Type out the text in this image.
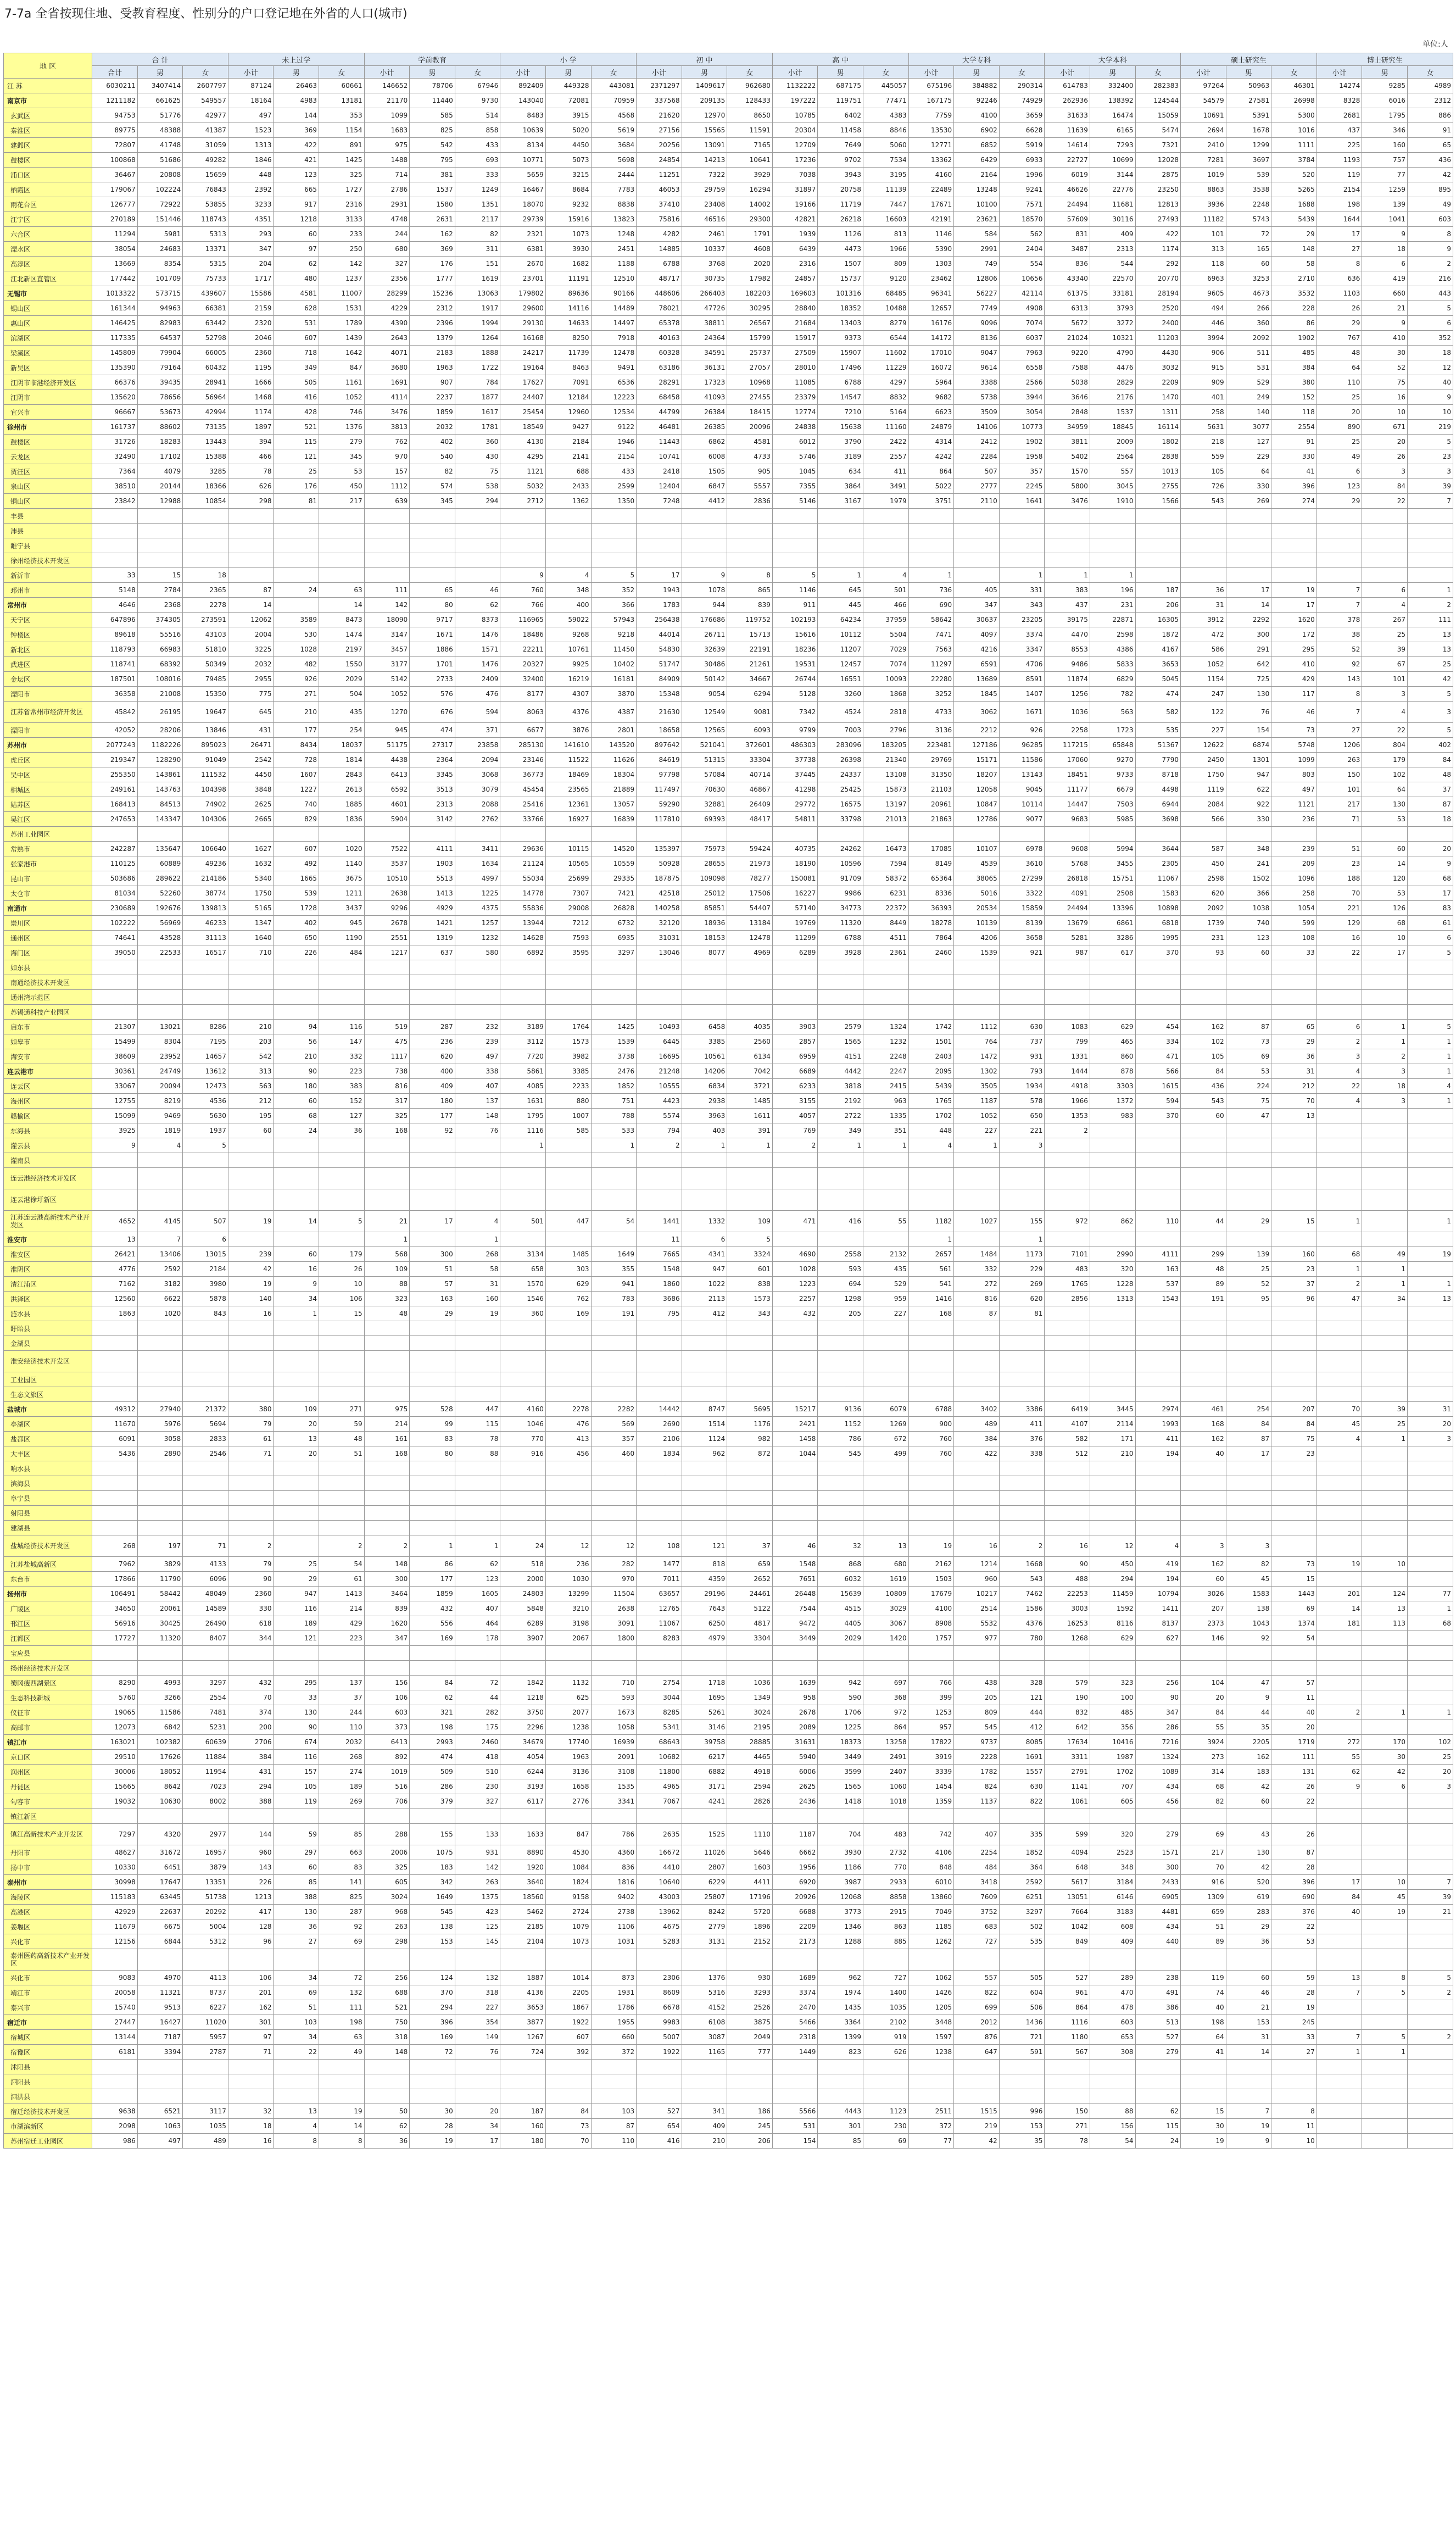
7-7a 全省按现住地、受教育程度、性别分的户口登记地在外省的人口(城市)
单位:人
地 区	合 计			未上过学			学前教育			小 学			初 中			高 中			大学专科			大学本科			硕士研究生			博士研究生		
	合计	男	女	小计	男	女	小计	男	女	小计	男	女	小计	男	女	小计	男	女	小计	男	女	小计	男	女	小计	男	女	小计	男	女
江 苏	6030211	3407414	2607797	87124	26463	60661	146652	78706	67946	892409	449328	443081	2371297	1409617	962680	1132222	687175	445057	675196	384882	290314	614783	332400	282383	97264	50963	46301	14274	9285	4989
南京市	1211182	661625	549557	18164	4983	13181	21170	11440	9730	143040	72081	70959	337568	209135	128433	197222	119751	77471	167175	92246	74929	262936	138392	124544	54579	27581	26998	8328	6016	2312
玄武区	94753	51776	42977	497	144	353	1099	585	514	8483	3915	4568	21620	12970	8650	10785	6402	4383	7759	4100	3659	31633	16474	15059	10691	5391	5300	2681	1795	886
秦淮区	89775	48388	41387	1523	369	1154	1683	825	858	10639	5020	5619	27156	15565	11591	20304	11458	8846	13530	6902	6628	11639	6165	5474	2694	1678	1016	437	346	91
建邺区	72807	41748	31059	1313	422	891	975	542	433	8134	4450	3684	20256	13091	7165	12709	7649	5060	12771	6852	5919	14614	7293	7321	2410	1299	1111	225	160	65
鼓楼区	100868	51686	49282	1846	421	1425	1488	795	693	10771	5073	5698	24854	14213	10641	17236	9702	7534	13362	6429	6933	22727	10699	12028	7281	3697	3784	1193	757	436
浦口区	36467	20808	15659	448	123	325	714	381	333	5659	3215	2444	11251	7322	3929	7038	3943	3195	4160	2164	1996	6019	3144	2875	1019	539	520	119	77	42
栖霞区	179067	102224	76843	2392	665	1727	2786	1537	1249	16467	8684	7783	46053	29759	16294	31897	20758	11139	22489	13248	9241	46626	22776	23250	8863	3538	5265	2154	1259	895
雨花台区	126777	72922	53855	3233	917	2316	2931	1580	1351	18070	9232	8838	37410	23408	14002	19166	11719	7447	17671	10100	7571	24494	11681	12813	3936	2248	1688	198	139	49
江宁区	270189	151446	118743	4351	1218	3133	4748	2631	2117	29739	15916	13823	75816	46516	29300	42821	26218	16603	42191	23621	18570	57609	30116	27493	11182	5743	5439	1644	1041	603
六合区	11294	5981	5313	293	60	233	244	162	82	2321	1073	1248	4282	2461	1791	1939	1126	813	1146	584	562	831	409	422	101	72	29	17	9	8
溧水区	38054	24683	13371	347	97	250	680	369	311	6381	3930	2451	14885	10337	4608	6439	4473	1966	5390	2991	2404	3487	2313	1174	313	165	148	27	18	9
高淳区	13669	8354	5315	204	62	142	327	176	151	2670	1682	1188	6788	3768	2020	2316	1507	809	1303	749	554	836	544	292	118	60	58	8	6	2
江北新区直管区	177442	101709	75733	1717	480	1237	2356	1777	1619	23701	11191	12510	48717	30735	17982	24857	15737	9120	23462	12806	10656	43340	22570	20770	6963	3253	2710	636	419	216
无锡市	1013322	573715	439607	15586	4581	11007	28299	15236	13063	179802	89636	90166	448606	266403	182203	169603	101316	68485	96341	56227	42114	61375	33181	28194	9605	4673	3532	1103	660	443
锡山区	161344	94963	66381	2159	628	1531	4229	2312	1917	29600	14116	14489	78021	47726	30295	28840	18352	10488	12657	7749	4908	6313	3793	2520	494	266	228	26	21	5
惠山区	146425	82983	63442	2320	531	1789	4390	2396	1994	29130	14633	14497	65378	38811	26567	21684	13403	8279	16176	9096	7074	5672	3272	2400	446	360	86	29	9	6
滨湖区	117335	64537	52798	2046	607	1439	2643	1379	1264	16168	8250	7918	40163	24364	15799	15917	9373	6544	14172	8136	6037	21024	10321	11203	3994	2092	1902	767	410	352
梁溪区	145809	79904	66005	2360	718	1642	4071	2183	1888	24217	11739	12478	60328	34591	25737	27509	15907	11602	17010	9047	7963	9220	4790	4430	906	511	485	48	30	18
新吴区	135390	79164	60432	1195	349	847	3680	1963	1722	19164	8463	9491	63186	36131	27057	28010	17496	11229	16072	9614	6558	7588	4476	3032	915	531	384	64	52	12
江阴市临港经济开发区	66376	39435	28941	1666	505	1161	1691	907	784	17627	7091	6536	28291	17323	10968	11085	6788	4297	5964	3388	2566	5038	2829	2209	909	529	380	110	75	40
江阴市	135620	78656	56964	1468	416	1052	4114	2237	1877	24407	12184	12223	68458	41093	27455	23379	14547	8832	9682	5738	3944	3646	2176	1470	401	249	152	25	16	9
宜兴市	96667	53673	42994	1174	428	746	3476	1859	1617	25454	12960	12534	44799	26384	18415	12774	7210	5164	6623	3509	3054	2848	1537	1311	258	140	118	20	10	10
徐州市	161737	88602	73135	1897	521	1376	3813	2032	1781	18549	9427	9122	46481	26385	20096	24838	15638	11160	24879	14106	10773	34959	18845	16114	5631	3077	2554	890	671	219
鼓楼区	31726	18283	13443	394	115	279	762	402	360	4130	2184	1946	11443	6862	4581	6012	3790	2422	4314	2412	1902	3811	2009	1802	218	127	91	25	20	5
云龙区	32490	17102	15388	466	121	345	970	540	430	4295	2141	2154	10741	6008	4733	5746	3189	2557	4242	2284	1958	5402	2564	2838	559	229	330	49	26	23
贾汪区	7364	4079	3285	78	25	53	157	82	75	1121	688	433	2418	1505	905	1045	634	411	864	507	357	1570	557	1013	105	64	41	6	3	3
泉山区	38510	20144	18366	626	176	450	1112	574	538	5032	2433	2599	12404	6847	5557	7355	3864	3491	5022	2777	2245	5800	3045	2755	726	330	396	123	84	39
铜山区	23842	12988	10854	298	81	217	639	345	294	2712	1362	1350	7248	4412	2836	5146	3167	1979	3751	2110	1641	3476	1910	1566	543	269	274	29	22	7
丰县																														
沛县																														
睢宁县																														
徐州经济技术开发区																														
新沂市	33	15	18							9	4	5	17	9	8	5	1	4	1		1	1	1							
邳州市	5148	2784	2365	87	24	63	111	65	46	760	348	352	1943	1078	865	1146	645	501	736	405	331	383	196	187	36	17	19	7	6	1
常州市	4646	2368	2278	14		14	142	80	62	766	400	366	1783	944	839	911	445	466	690	347	343	437	231	206	31	14	17	7	4	2
天宁区	647896	374305	273591	12062	3589	8473	18090	9717	8373	116965	59022	57943	256438	176686	119752	102193	64234	37959	58642	30637	23205	39175	22871	16305	3912	2292	1620	378	267	111
钟楼区	89618	55516	43103	2004	530	1474	3147	1671	1476	18486	9268	9218	44014	26711	15713	15616	10112	5504	7471	4097	3374	4470	2598	1872	472	300	172	38	25	13
新北区	118793	66983	51810	3225	1028	2197	3457	1886	1571	22211	10761	11450	54830	32639	22191	18236	11207	7029	7563	4216	3347	8553	4386	4167	586	291	295	52	39	13
武进区	118741	68392	50349	2032	482	1550	3177	1701	1476	20327	9925	10402	51747	30486	21261	19531	12457	7074	11297	6591	4706	9486	5833	3653	1052	642	410	92	67	25
金坛区	187501	108016	79485	2955	926	2029	5142	2733	2409	32400	16219	16181	84909	50142	34667	26744	16551	10093	22280	13689	8591	11874	6829	5045	1154	725	429	143	101	42
溧阳市	36358	21008	15350	775	271	504	1052	576	476	8177	4307	3870	15348	9054	6294	5128	3260	1868	3252	1845	1407	1256	782	474	247	130	117	8	3	5
江苏省常州市经济开发区	45842	26195	19647	645	210	435	1270	676	594	8063	4376	4387	21630	12549	9081	7342	4524	2818	4733	3062	1671	1036	563	582	122	76	46	7	4	3
溧阳市	42052	28206	13846	431	177	254	945	474	371	6677	3876	2801	18658	12565	6093	9799	7003	2796	3136	2212	926	2258	1723	535	227	154	73	27	22	5
苏州市	2077243	1182226	895023	26471	8434	18037	51175	27317	23858	285130	141610	143520	897642	521041	372601	486303	283096	183205	223481	127186	96285	117215	65848	51367	12622	6874	5748	1206	804	402
虎丘区	219347	128290	91049	2542	728	1814	4438	2364	2094	23146	11522	11626	84619	51315	33304	37738	26398	21340	29769	15171	11586	17060	9270	7790	2450	1301	1099	263	179	84
吴中区	255350	143861	111532	4450	1607	2843	6413	3345	3068	36773	18469	18304	97798	57084	40714	37445	24337	13108	31350	18207	13143	18451	9733	8718	1750	947	803	150	102	48
相城区	249161	143763	104398	3848	1227	2613	6592	3513	3079	45454	23565	21889	117497	70630	46867	41298	25425	15873	21103	12058	9045	11177	6679	4498	1119	622	497	101	64	37
姑苏区	168413	84513	74902	2625	740	1885	4601	2313	2088	25416	12361	13057	59290	32881	26409	29772	16575	13197	20961	10847	10114	14447	7503	6944	2084	922	1121	217	130	87
吴江区	247653	143347	104306	2665	829	1836	5904	3142	2762	33766	16927	16839	117810	69393	48417	54811	33798	21013	21863	12786	9077	9683	5985	3698	566	330	236	71	53	18
苏州工业园区																														
常熟市	242287	135647	106640	1627	607	1020	7522	4111	3411	29636	10115	14520	135397	75973	59424	40735	24262	16473	17085	10107	6978	9608	5994	3644	587	348	239	51	60	20
张家港市	110125	60889	49236	1632	492	1140	3537	1903	1634	21124	10565	10559	50928	28655	21973	18190	10596	7594	8149	4539	3610	5768	3455	2305	450	241	209	23	14	9
昆山市	503686	289622	214186	5340	1665	3675	10510	5513	4997	55034	25699	29335	187875	109098	78277	150081	91709	58372	65364	38065	27299	26818	15751	11067	2598	1502	1096	188	120	68
太仓市	81034	52260	38774	1750	539	1211	2638	1413	1225	14778	7307	7421	42518	25012	17506	16227	9986	6231	8336	5016	3322	4091	2508	1583	620	366	258	70	53	17
南通市	230689	192676	139813	5165	1728	3437	9296	4929	4375	55836	29008	26828	140258	85851	54407	57140	34773	22372	36393	20534	15859	24494	13396	10898	2092	1038	1054	221	126	83
崇川区	102222	56969	46233	1347	402	945	2678	1421	1257	13944	7212	6732	32120	18936	13184	19769	11320	8449	18278	10139	8139	13679	6861	6818	1739	740	599	129	68	61
通州区	74641	43528	31113	1640	650	1190	2551	1319	1232	14628	7593	6935	31031	18153	12478	11299	6788	4511	7864	4206	3658	5281	3286	1995	231	123	108	16	10	6
海门区	39050	22533	16517	710	226	484	1217	637	580	6892	3595	3297	13046	8077	4969	6289	3928	2361	2460	1539	921	987	617	370	93	60	33	22	17	5
如东县																														
南通经济技术开发区																														
通州湾示范区																														
苏锡通科技产业园区																														
启东市	21307	13021	8286	210	94	116	519	287	232	3189	1764	1425	10493	6458	4035	3903	2579	1324	1742	1112	630	1083	629	454	162	87	65	6	1	5
如皋市	15499	8304	7195	203	56	147	475	236	239	3112	1573	1539	6445	3385	2560	2857	1565	1232	1501	764	737	799	465	334	102	73	29	2	1	1
海安市	38609	23952	14657	542	210	332	1117	620	497	7720	3982	3738	16695	10561	6134	6959	4151	2248	2403	1472	931	1331	860	471	105	69	36	3	2	1
连云港市	30361	24749	13612	313	90	223	738	400	338	5861	3385	2476	21248	14206	7042	6689	4442	2247	2095	1302	793	1444	878	566	84	53	31	4	3	1
连云区	33067	20094	12473	563	180	383	816	409	407	4085	2233	1852	10555	6834	3721	6233	3818	2415	5439	3505	1934	4918	3303	1615	436	224	212	22	18	4
海州区	12755	8219	4536	212	60	152	317	180	137	1631	880	751	4423	2938	1485	3155	2192	963	1765	1187	578	1966	1372	594	543	75	70	4	3	1
赣榆区	15099	9469	5630	195	68	127	325	177	148	1795	1007	788	5574	3963	1611	4057	2722	1335	1702	1052	650	1353	983	370	60	47	13			
东海县	3925	1819	1937	60	24	36	168	92	76	1116	585	533	794	403	391	769	349	351	448	227	221	2								
灌云县	9	4	5							1		1	2	1	1	2	1	1	4	1	3									
灌南县																														
连云港经济技术开发区																														
连云港徐圩新区																														
江苏连云港高新技术产业开发区	4652	4145	507	19	14	5	21	17	4	501	447	54	1441	1332	109	471	416	55	1182	1027	155	972	862	110	44	29	15	1		1
淮安市	13	7	6				1		1				11	6	5				1		1									
淮安区	26421	13406	13015	239	60	179	568	300	268	3134	1485	1649	7665	4341	3324	4690	2558	2132	2657	1484	1173	7101	2990	4111	299	139	160	68	49	19
淮阴区	4776	2592	2184	42	16	26	109	51	58	658	303	355	1548	947	601	1028	593	435	561	332	229	483	320	163	48	25	23	1	1	
清江浦区	7162	3182	3980	19	9	10	88	57	31	1570	629	941	1860	1022	838	1223	694	529	541	272	269	1765	1228	537	89	52	37	2	1	1
洪泽区	12560	6622	5878	140	34	106	323	163	160	1546	762	783	3686	2113	1573	2257	1298	959	1416	816	620	2856	1313	1543	191	95	96	47	34	13
涟水县	1863	1020	843	16	1	15	48	29	19	360	169	191	795	412	343	432	205	227	168	87	81									
盱眙县																														
金湖县																														
淮安经济技术开发区																														
工业园区																														
生态文旅区																														
盐城市	49312	27940	21372	380	109	271	975	528	447	4160	2278	2282	14442	8747	5695	15217	9136	6079	6788	3402	3386	6419	3445	2974	461	254	207	70	39	31
亭湖区	11670	5976	5694	79	20	59	214	99	115	1046	476	569	2690	1514	1176	2421	1152	1269	900	489	411	4107	2114	1993	168	84	84	45	25	20
盐都区	6091	3058	2833	61	13	48	161	83	78	770	413	357	2106	1124	982	1458	786	672	760	384	376	582	171	411	162	87	75	4	1	3
大丰区	5436	2890	2546	71	20	51	168	80	88	916	456	460	1834	962	872	1044	545	499	760	422	338	512	210	194	40	17	23			
响水县																														
滨海县																														
阜宁县																														
射阳县																														
建湖县																														
盐城经济技术开发区	268	197	71	2		2	2	1	1	24	12	12	108	121	37	46	32	13	19	16	2	16	12	4	3	3				
江苏盐城高新区	7962	3829	4133	79	25	54	148	86	62	518	236	282	1477	818	659	1548	868	680	2162	1214	1668	90	450	419	162	82	73	19	10	
东台市	17866	11790	6096	90	29	61	300	177	123	2000	1030	970	7011	4359	2652	7651	6032	1619	1503	960	543	488	294	194	60	45	15			
扬州市	106491	58442	48049	2360	947	1413	3464	1859	1605	24803	13299	11504	63657	29196	24461	26448	15639	10809	17679	10217	7462	22253	11459	10794	3026	1583	1443	201	124	77
广陵区	34650	20061	14589	330	116	214	839	432	407	5848	3210	2638	12765	7643	5122	7544	4515	3029	4100	2514	1586	3003	1592	1411	207	138	69	14	13	1
邗江区	56916	30425	26490	618	189	429	1620	556	464	6289	3198	3091	11067	6250	4817	9472	4405	3067	8908	5532	4376	16253	8116	8137	2373	1043	1374	181	113	68
江都区	17727	11320	8407	344	121	223	347	169	178	3907	2067	1800	8283	4979	3304	3449	2029	1420	1757	977	780	1268	629	627	146	92	54			
宝应县																														
扬州经济技术开发区																														
蜀冈瘦西湖景区	8290	4993	3297	432	295	137	156	84	72	1842	1132	710	2754	1718	1036	1639	942	697	766	438	328	579	323	256	104	47	57			
生态科技新城	5760	3266	2554	70	33	37	106	62	44	1218	625	593	3044	1695	1349	958	590	368	399	205	121	190	100	90	20	9	11			
仪征市	19065	11586	7481	374	130	244	603	321	282	3750	2077	1673	8285	5261	3024	2678	1706	972	1253	809	444	832	485	347	84	44	40	2	1	1
高邮市	12073	6842	5231	200	90	110	373	198	175	2296	1238	1058	5341	3146	2195	2089	1225	864	957	545	412	642	356	286	55	35	20			
镇江市	163021	102382	60639	2706	674	2032	6413	2993	2460	34679	17740	16939	68643	39758	28885	31631	18373	13258	17822	9737	8085	17634	10416	7216	3924	2205	1719	272	170	102
京口区	29510	17626	11884	384	116	268	892	474	418	4054	1963	2091	10682	6217	4465	5940	3449	2491	3919	2228	1691	3311	1987	1324	273	162	111	55	30	25
润州区	30006	18052	11954	431	157	274	1019	509	510	6244	3136	3108	11800	6882	4918	6006	3599	2407	3339	1782	1557	2791	1702	1089	314	183	131	62	42	20
丹徒区	15665	8642	7023	294	105	189	516	286	230	3193	1658	1535	4965	3171	2594	2625	1565	1060	1454	824	630	1141	707	434	68	42	26	9	6	3
句容市	19032	10630	8002	388	119	269	706	379	327	6117	2776	3341	7067	4241	2826	2436	1418	1018	1359	1137	822	1061	605	456	82	60	22			
镇江新区																														
镇江高新技术产业开发区	7297	4320	2977	144	59	85	288	155	133	1633	847	786	2635	1525	1110	1187	704	483	742	407	335	599	320	279	69	43	26			
丹阳市	48627	31672	16957	960	297	663	2006	1075	931	8890	4530	4360	16672	11026	5646	6662	3930	2732	4106	2254	1852	4094	2523	1571	217	130	87			
扬中市	10330	6451	3879	143	60	83	325	183	142	1920	1084	836	4410	2807	1603	1956	1186	770	848	484	364	648	348	300	70	42	28			
泰州市	30998	17647	13351	226	85	141	605	342	263	3640	1824	1816	10640	6229	4411	6920	3987	2933	6010	3418	2592	5617	3184	2433	916	520	396	17	10	7
海陵区	115183	63445	51738	1213	388	825	3024	1649	1375	18560	9158	9402	43003	25807	17196	20926	12068	8858	13860	7609	6251	13051	6146	6905	1309	619	690	84	45	39
高港区	42929	22637	20292	417	130	287	968	545	423	5462	2724	2738	13962	8242	5720	6688	3773	2915	7049	3752	3297	7664	3183	4481	659	283	376	40	19	21
姜堰区	11679	6675	5004	128	36	92	263	138	125	2185	1079	1106	4675	2779	1896	2209	1346	863	1185	683	502	1042	608	434	51	29	22			
兴化市	12156	6844	5312	96	27	69	298	153	145	2104	1073	1031	5283	3131	2152	2173	1288	885	1262	727	535	849	409	440	89	36	53			
泰州医药高新技术产业开发区																														
兴化市	9083	4970	4113	106	34	72	256	124	132	1887	1014	873	2306	1376	930	1689	962	727	1062	557	505	527	289	238	119	60	59	13	8	5
靖江市	20058	11321	8737	201	69	132	688	370	318	4136	2205	1931	8609	5316	3293	3374	1974	1400	1426	822	604	961	470	491	74	46	28	7	5	2
泰兴市	15740	9513	6227	162	51	111	521	294	227	3653	1867	1786	6678	4152	2526	2470	1435	1035	1205	699	506	864	478	386	40	21	19			
宿迁市	27447	16427	11020	301	103	198	750	396	354	3877	1922	1955	9983	6108	3875	5466	3364	2102	3448	2012	1436	1116	603	513	198	153	245			
宿城区	13144	7187	5957	97	34	63	318	169	149	1267	607	660	5007	3087	2049	2318	1399	919	1597	876	721	1180	653	527	64	31	33	7	5	2
宿豫区	6181	3394	2787	71	22	49	148	72	76	724	392	372	1922	1165	777	1449	823	626	1238	647	591	567	308	279	41	14	27	1	1	
沭阳县																														
泗阳县																														
泗洪县																														
宿迁经济技术开发区	9638	6521	3117	32	13	19	50	30	20	187	84	103	527	341	186	5566	4443	1123	2511	1515	996	150	88	62	15	7	8			
市湖滨新区	2098	1063	1035	18	4	14	62	28	34	160	73	87	654	409	245	531	301	230	372	219	153	271	156	115	30	19	11			
苏州宿迁工业园区	986	497	489	16	8	8	36	19	17	180	70	110	416	210	206	154	85	69	77	42	35	78	54	24	19	9	10			
